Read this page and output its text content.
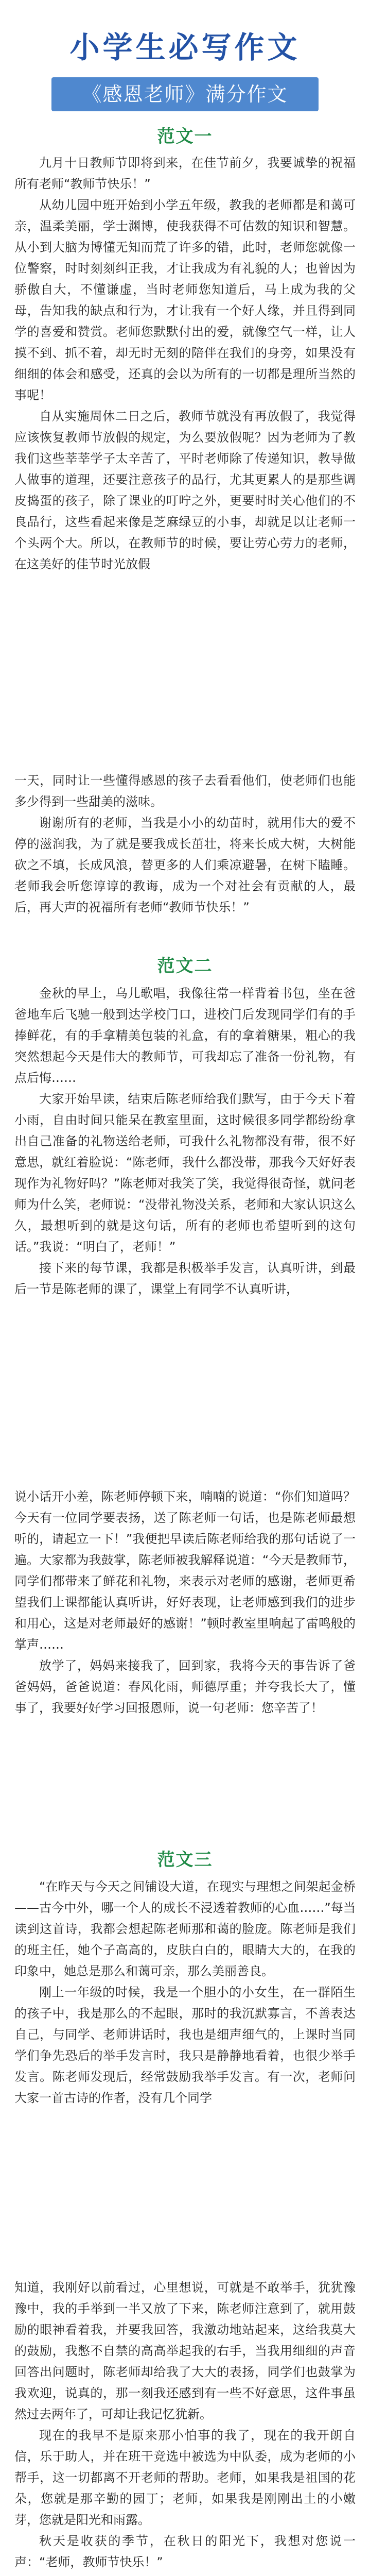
小学生必写作文
《感恩老师》满分作文
范文一

九月十日教师节即将到来，在佳节前夕，我要诚挚的祝福所有老师“教师节快乐！”

从幼儿园中班开始到小学五年级，教我的老师都是和蔼可亲，温柔美丽，学士渊博，使我获得不可估数的知识和智慧。从小到大脑为博懂无知而荒了许多的错，此时，老师您就像一位警察，时时刻刻纠正我，才让我成为有礼貌的人；也曾因为骄傲自大，不懂谦虚，当时老师您知道后，马上成为我的父母，告知我的缺点和行为，才让我有一个好人缘，并且得到同学的喜爱和赞赏。老师您默默付出的爱，就像空气一样，让人摸不到、抓不着，却无时无刻的陪伴在我们的身旁，如果没有细细的体会和感受，还真的会以为所有的一切都是理所当然的事呢！

自从实施周休二日之后，教师节就没有再放假了，我觉得应该恢复教师节放假的规定，为么要放假呢？因为老师为了教我们这些莘莘学子太辛苦了，平时老师除了传递知识，教导做人做事的道理，还要注意孩子的品行，尤其更累人的是那些调皮捣蛋的孩子，除了课业的叮咛之外，更要时时关心他们的不良品行，这些看起来像是芝麻绿豆的小事，却就足以让老师一个头两个大。所以，在教师节的时候，要让劳心劳力的老师，在这美好的佳节时光放假

一天，同时让一些懂得感恩的孩子去看看他们，使老师们也能多少得到一些甜美的滋味。

谢谢所有的老师，当我是小小的幼苗时，就用伟大的爱不停的滋润我，为了就是要我成长茁壮，将来长成大树，大树能砍之不填，长成风浪，替更多的人们乘凉避暑，在树下瞌睡。老师我会听您谆谆的教诲，成为一个对社会有贡献的人，最后，再大声的祝福所有老师“教师节快乐！”

范文二

金秋的早上，乌儿歌唱，我像往常一样背着书包，坐在爸爸地车后飞驰一般到达学校门口，进校门后发现同学们有的手捧鲜花，有的手拿精美包装的礼盒，有的拿着糖果，粗心的我突然想起今天是伟大的教师节，可我却忘了准备一份礼物，有点后悔……

大家开始早读，结束后陈老师给我们默写，由于今天下着小雨，自由时间只能呆在教室里面，这时候很多同学都纷纷拿出自己准备的礼物送给老师，可我什么礼物都没有带，很不好意思，就红着脸说：“陈老师，我什么都没带，那我今天好好表现作为礼物好吗？”陈老师对我笑了笑，我觉得很奇怪，就问老师为什么笑，老师说：“没带礼物没关系，老师和大家认识这么久，最想听到的就是这句话，所有的老师也希望听到的这句话。”我说：“明白了，老师！”

接下来的每节课，我都是积极举手发言，认真听讲，到最后一节是陈老师的课了，课堂上有同学不认真听讲，

说小话开小差，陈老师停顿下来，喃喃的说道：“你们知道吗？今天有一位同学要表扬，送了陈老师一句话，也是陈老师最想听的，请起立一下！”我便把早读后陈老师给我的那句话说了一遍。大家都为我鼓掌，陈老师被我解释说道：“今天是教师节，同学们都带来了鲜花和礼物，来表示对老师的感谢，老师更希望我们上课都能认真听讲，好好表现，让老师感到我们的进步和用心，这是对老师最好的感谢！”顿时教室里响起了雷鸣般的掌声……

放学了，妈妈来接我了，回到家，我将今天的事告诉了爸爸妈妈，爸爸说道：春风化雨，师德厚重；并夸我长大了，懂事了，我要好好学习回报恩师，说一句老师：您辛苦了！

范文三

“在昨天与今天之间铺设大道，在现实与理想之间架起金桥——古今中外，哪一个人的成长不浸透着教师的心血……”每当读到这首诗，我都会想起陈老师那和蔼的脸庞。陈老师是我们的班主任，她个子高高的，皮肤白白的，眼睛大大的，在我的印象中，她总是那么和蔼可亲，那么美丽善良。

刚上一年级的时候，我是一个胆小的小女生，在一群陌生的孩子中，我是那么的不起眼，那时的我沉默寡言，不善表达自己，与同学、老师讲话时，我也是细声细气的，上课时当同学们争先恐后的举手发言时，我只是静静地看着，也很少举手发言。陈老师发现后，经常鼓励我举手发言。有一次，老师问大家一首古诗的作者，没有几个同学

知道，我刚好以前看过，心里想说，可就是不敢举手，犹犹豫豫中，我的手举到一半又放了下来，陈老师注意到了，就用鼓励的眼神看着我，并要我回答，我激动地站起来，这给我莫大的鼓励，我憋不自禁的高高举起我的右手，当我用细细的声音回答出问题时，陈老师却给我了大大的表扬，同学们也鼓掌为我欢迎，说真的，那一刻我还感到有一些不好意思，这件事虽然过去两年了，可却让我记忆犹新。

现在的我早不是原来那小怕事的我了，现在的我开朗自信，乐于助人，并在班干竞选中被选为中队委，成为老师的小帮手，这一切都离不开老师的帮助。老师，如果我是祖国的花朵，您就是那辛勤的园丁；老师，如果我是刚刚出土的小嫩芽，您就是阳光和雨露。

秋天是收获的季节，在秋日的阳光下，我想对您说一声：“老师，教师节快乐！”
